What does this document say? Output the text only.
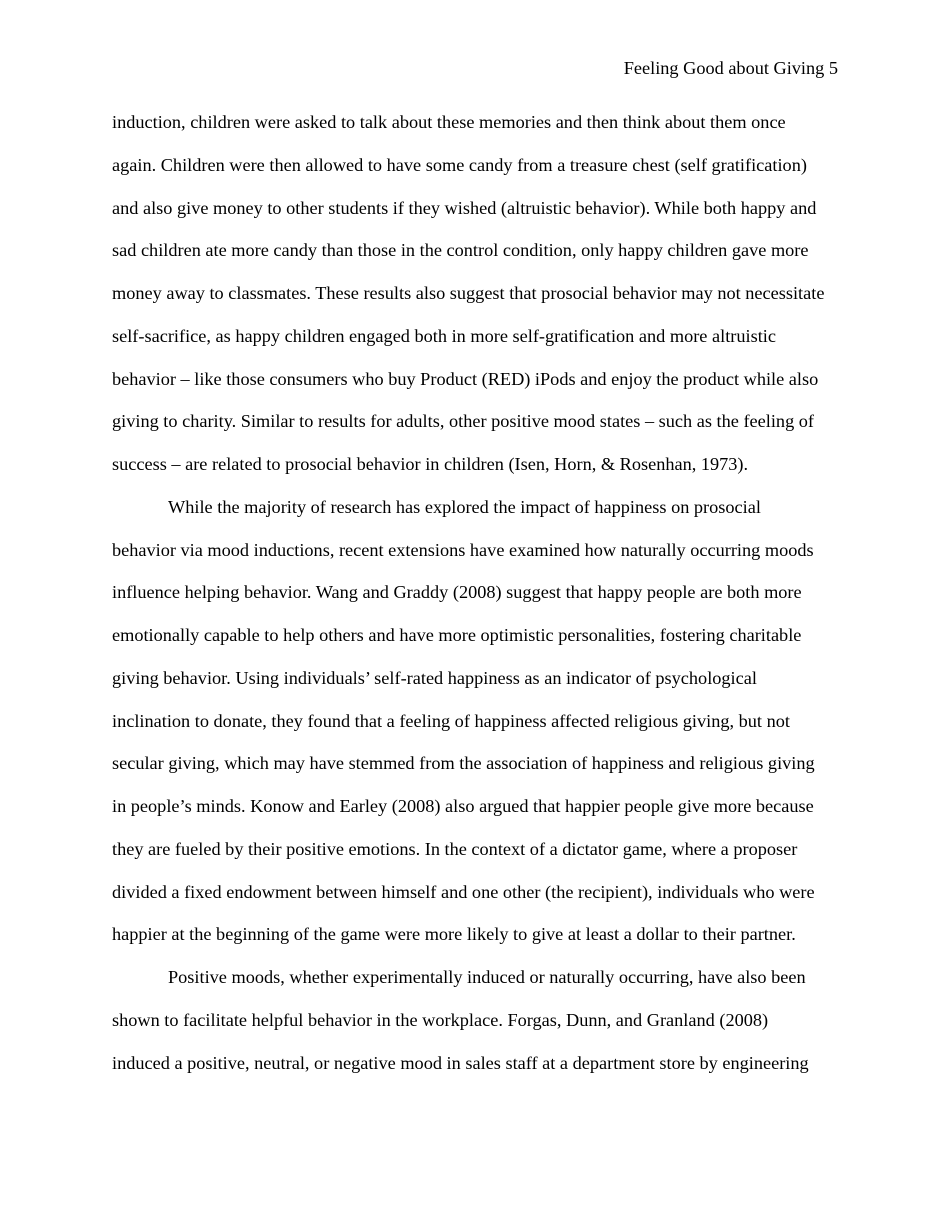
Feeling Good about Giving 5
induction, children were asked to talk about these memories and then think about them once
again. Children were then allowed to have some candy from a treasure chest (self gratification)
and also give money to other students if they wished (altruistic behavior). While both happy and
sad children ate more candy than those in the control condition, only happy children gave more
money away to classmates. These results also suggest that prosocial behavior may not necessitate
self-sacrifice, as happy children engaged both in more self-gratification and more altruistic
behavior – like those consumers who buy Product (RED) iPods and enjoy the product while also
giving to charity. Similar to results for adults, other positive mood states – such as the feeling of
success – are related to prosocial behavior in children (Isen, Horn, & Rosenhan, 1973).
While the majority of research has explored the impact of happiness on prosocial
behavior via mood inductions, recent extensions have examined how naturally occurring moods
influence helping behavior. Wang and Graddy (2008) suggest that happy people are both more
emotionally capable to help others and have more optimistic personalities, fostering charitable
giving behavior. Using individuals’ self-rated happiness as an indicator of psychological
inclination to donate, they found that a feeling of happiness affected religious giving, but not
secular giving, which may have stemmed from the association of happiness and religious giving
in people’s minds. Konow and Earley (2008) also argued that happier people give more because
they are fueled by their positive emotions. In the context of a dictator game, where a proposer
divided a fixed endowment between himself and one other (the recipient), individuals who were
happier at the beginning of the game were more likely to give at least a dollar to their partner.
Positive moods, whether experimentally induced or naturally occurring, have also been
shown to facilitate helpful behavior in the workplace. Forgas, Dunn, and Granland (2008)
induced a positive, neutral, or negative mood in sales staff at a department store by engineering
